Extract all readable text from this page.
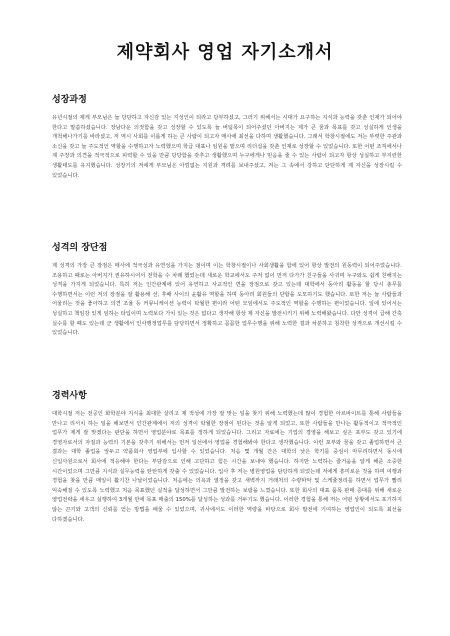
제약회사 영업 자기소개서
성장과정

유년시절의 제게 부모님은 늘 당당하고 자신감 있는 지성인이 되라고 당부하셨고, 그러기 위해서는 시대가 요구하는 지식과 능력을 갖춘 인재가 되어야 한다고 말씀하셨습니다. 장남다운 의젓함을 갖고 성장할 수 있도록 늘 버팀목이 되어주셨던 아버지는 제가 큰 꿈과 목표를 갖고 성실하게 인생을 개척해나가기를 바라셨고, 저 역시 사회를 이롭게 하는 큰 사람이 되고자 매사에 최선을 다하며 생활했습니다. 그래서 학창시절에도 저는 뚜렷한 주관과 소신을 갖고 늘 주도적인 역할을 수행하고자 노력했으며 학급 대표나 임원을 맡으며 리더십을 갖춘 인재로 성장할 수 있었습니다. 또한 어떤 조직에서나 제 주장과 의견을 적극적으로 피력할 수 있을 만큼 당당함을 갖추고 생활했으며 누구에게나 믿음을 줄 수 있는 사람이 되고자 항상 성실하고 부지런한 생활태도를 유지했습니다. 성장기의 저에게 부모님은 아낌없는 지원과 격려를 보내주셨고, 저는 그 속에서 강하고 단단하게 제 자신을 성장시킬 수 있었습니다.

성격의 장단점

제 성격의 가장 큰 장점은 매사에 적극성과 유연성을 가지는 점이며 이는 학창시절이나 사회생활을 함에 있어 항상 발전의 원동력이 되어주었습니다. 조용하고 때로는 아버지가 권유하시어서 전학을 수 차례 했었는데 새로운 학교에서도 주저 없이 먼저 다가가 친구들을 사귀며 누구와도 쉽게 친해지는 성격을 가지게 되었습니다. 특히 저는 인간관계에 있어 유연하고 사교적인 면을 장점으로 갖고 있는데 대학에서 동아리 활동을 할 당시 총무를 수행하면서는 이런 저의 장점을 잘 활용해 선, 후배 사이의 윤활유 역할을 하며 동아리 회원들의 단합을 도모하기도 했습니다. 또한 저는 늘 사람들과 어울리는 것을 좋아하고 의견 조율 등 커뮤니케이션 능력이 탁월한 편이라 어떤 모임에서도 주도적인 역할을 수행하는 편이었습니다. 일에 있어서는 성실하고 책임감 있게 임하는 타입이며 노력보다 가치 있는 것은 없다고 생각해 항상 제 자신을 발전시키기 위해 노력해왔습니다. 다만 성격이 급해 간혹 실수를 할 때도 있는데 군 생활에서 인사행정업무를 담당하면서 정확하고 꼼꼼한 업무수행을 위해 노력한 결과 차분하고 침착한 성격으로 개선시킬 수 있었습니다.

경력사항

대학시절 저는 전공인 화학분야 지식을 최대한 살리고 제 적성에 가장 잘 맞는 일을 찾기 위해 노력했는데 많이 경험한 아르바이트를 통해 사람들을 만나고 리서치 하는 일을 해보면서 인간관계에서 저의 성격이 탁월한 장점이 된다는 것을 알게 되었고, 또한 사람들을 만나는 활동적이고 적극적인 업무가 제게 잘 맞겠다는 판단을 하면서 영업분야로 목표를 정하게 되었습니다. 그리고 자료에는 기업의 경영을 해보고 싶은 포부도 갖고 있기에 경영자로서의 자질과 능력의 기본을 갖추기 위해서는 먼저 일선에서 영업을 경험해봐야 한다고 생각했습니다. 이런 포부와 꿈을 갖고 졸업하면서 큰 결과는 대학 졸업을 앞두고 약품회사 영업부에 입사할 수 있었습니다. 처음 몇 개월 간은 대학의 낮은 학기를 중심이 마무리하면서 동시에 신입사원으로서 회사에 적응해야 한다는 부담감으로 인해 고단하고 힘든 시간을 보내야 했습니다. 하지만 노력하는 즐거움을 알게 해준 소중한 시간이었으며 그만큼 지식과 실무능력을 탄탄하게 갖출 수 있었습니다. 입사 후 저는 병원영업을 담당하게 되었는데 저에게 흥미로운 것을 하며 여행과 경험을 찾을 만큼 매일이 활기찬 나날이었습니다. 처음에는 의욕과 열정을 갖고 새벽까지 거래처의 수량파악 및 스케쥴정리를 하면서 업무가 빨리 익숙해질 수 있도록 노력했고 처음 목표했던 실적을 달성하면서 그만큼 발전하는 보람을 느꼈습니다. 또한 회사의 대표 품목 판매 증대를 위해 새로운 영업전략을 세우고 실행하여 3개월 만에 목표 매출의 150%를 달성하는 성과를 거두기도 했습니다. 이러한 경험을 통해 저는 어떤 상황에서도 포기하지 않는 끈기와 고객의 신뢰를 얻는 방법을 배울 수 있었으며, 귀사에서도 이러한 역량을 바탕으로 회사 발전에 기여하는 영업인이 되도록 최선을 다하겠습니다.
